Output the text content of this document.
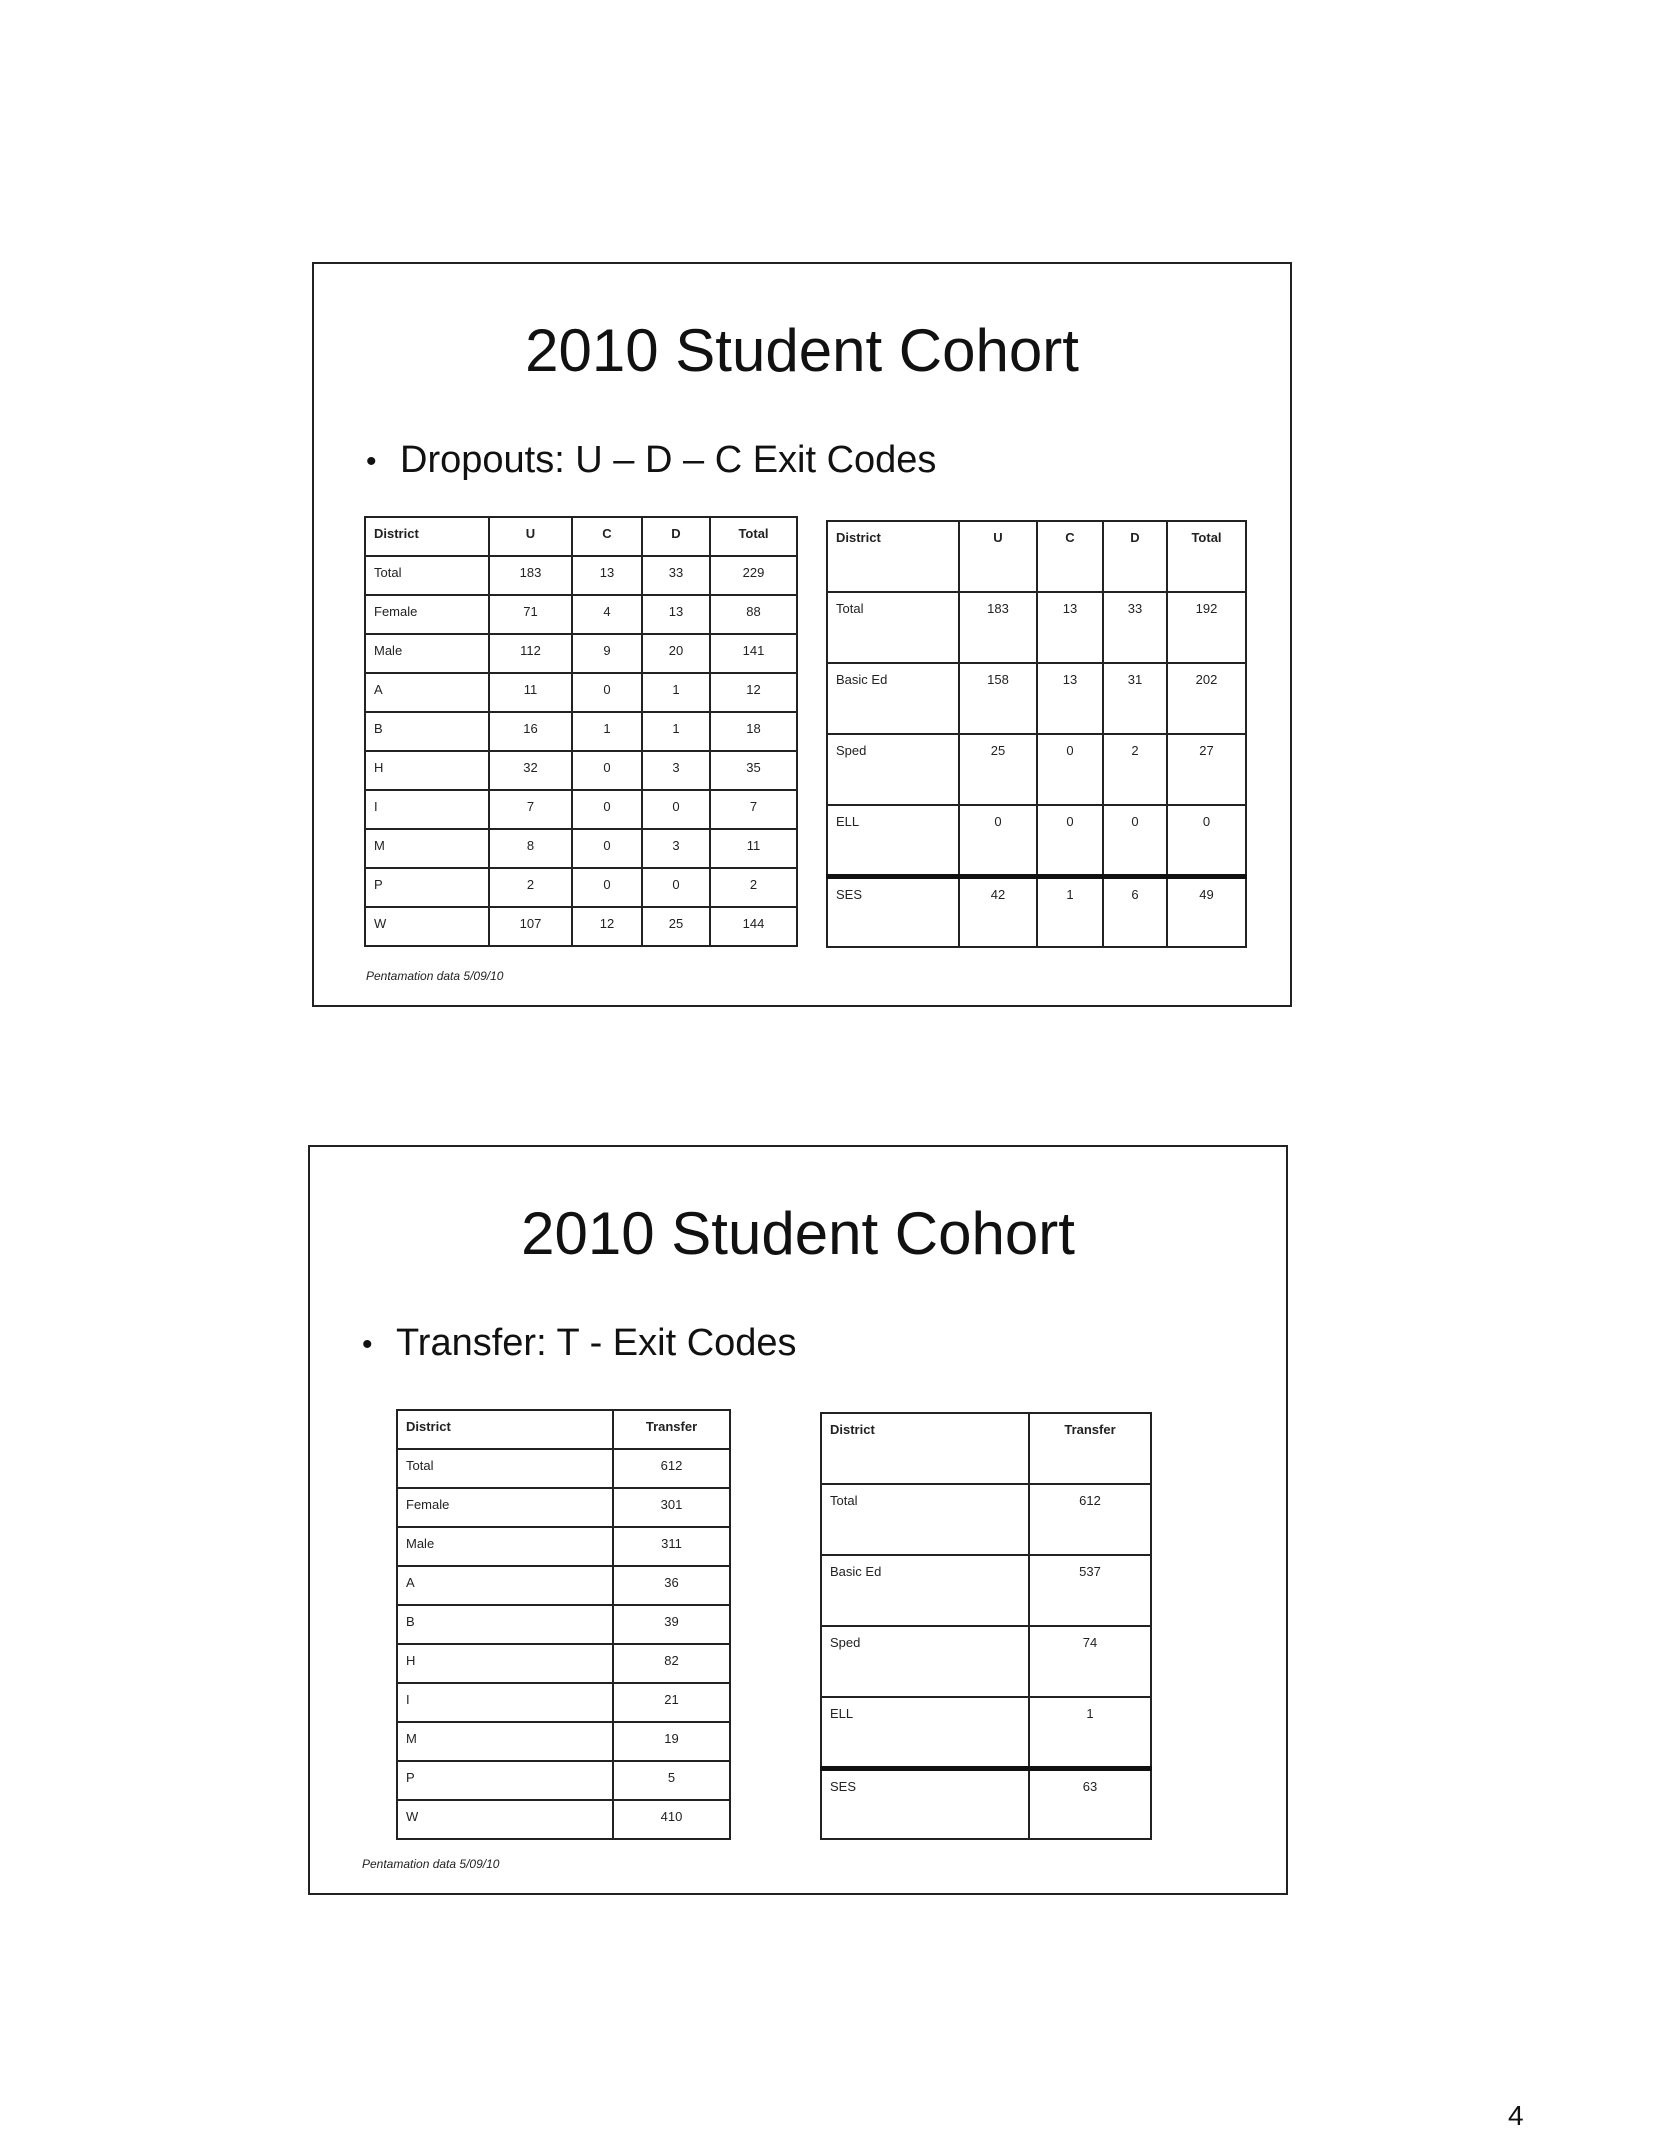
2010 Student Cohort
• Dropouts: U – D – C Exit Codes
District	U	C	D	Total
Total	183	13	33	229
Female	71	4	13	88
Male	112	9	20	141
A	11	0	1	12
B	16	1	1	18
H	32	0	3	35
I	7	0	0	7
M	8	0	3	11
P	2	0	0	2
W	107	12	25	144
District	U	C	D	Total
Total	183	13	33	192
Basic Ed	158	13	31	202
Sped	25	0	2	27
ELL	0	0	0	0
SES	42	1	6	49
Pentamation data 5/09/10
2010 Student Cohort
• Transfer: T - Exit Codes
District	Transfer
Total	612
Female	301
Male	311
A	36
B	39
H	82
I	21
M	19
P	5
W	410
District	Transfer
Total	612
Basic Ed	537
Sped	74
ELL	1
SES	63
Pentamation data 5/09/10
4
